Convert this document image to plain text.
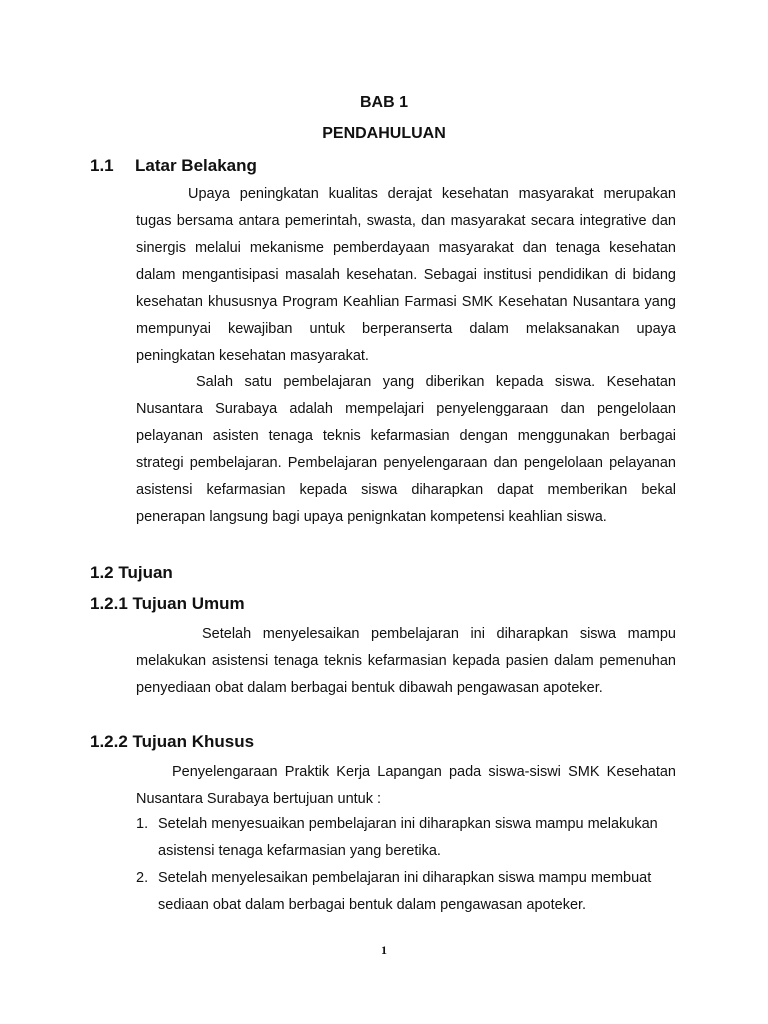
BAB 1

PENDAHULUAN

1.1 Latar Belakang

Upaya peningkatan kualitas derajat kesehatan masyarakat merupakan tugas bersama antara pemerintah, swasta, dan masyarakat secara integrative dan sinergis melalui mekanisme pemberdayaan masyarakat dan tenaga kesehatan dalam mengantisipasi masalah kesehatan. Sebagai institusi pendidikan di bidang kesehatan khususnya Program Keahlian Farmasi SMK Kesehatan Nusantara yang mempunyai kewajiban untuk berperanserta dalam melaksanakan upaya peningkatan kesehatan masyarakat.

Salah satu pembelajaran yang diberikan kepada siswa. Kesehatan Nusantara Surabaya adalah mempelajari penyelenggaraan dan pengelolaan pelayanan asisten tenaga teknis kefarmasian dengan menggunakan berbagai strategi pembelajaran. Pembelajaran penyelengaraan dan pengelolaan pelayanan asistensi kefarmasian kepada siswa diharapkan dapat memberikan bekal penerapan langsung bagi upaya penignkatan kompetensi keahlian siswa.

1.2 Tujuan

1.2.1 Tujuan Umum

Setelah menyelesaikan pembelajaran ini diharapkan siswa mampu melakukan asistensi tenaga teknis kefarmasian kepada pasien dalam pemenuhan penyediaan obat dalam berbagai bentuk dibawah pengawasan apoteker.

1.2.2 Tujuan Khusus

Penyelengaraan Praktik Kerja Lapangan pada siswa-siswi SMK Kesehatan Nusantara Surabaya bertujuan untuk :

1. Setelah menyesuaikan pembelajaran ini diharapkan siswa mampu melakukan asistensi tenaga kefarmasian yang beretika.
2. Setelah menyelesaikan pembelajaran ini diharapkan siswa mampu membuat sediaan obat dalam berbagai bentuk dalam pengawasan apoteker.

1
